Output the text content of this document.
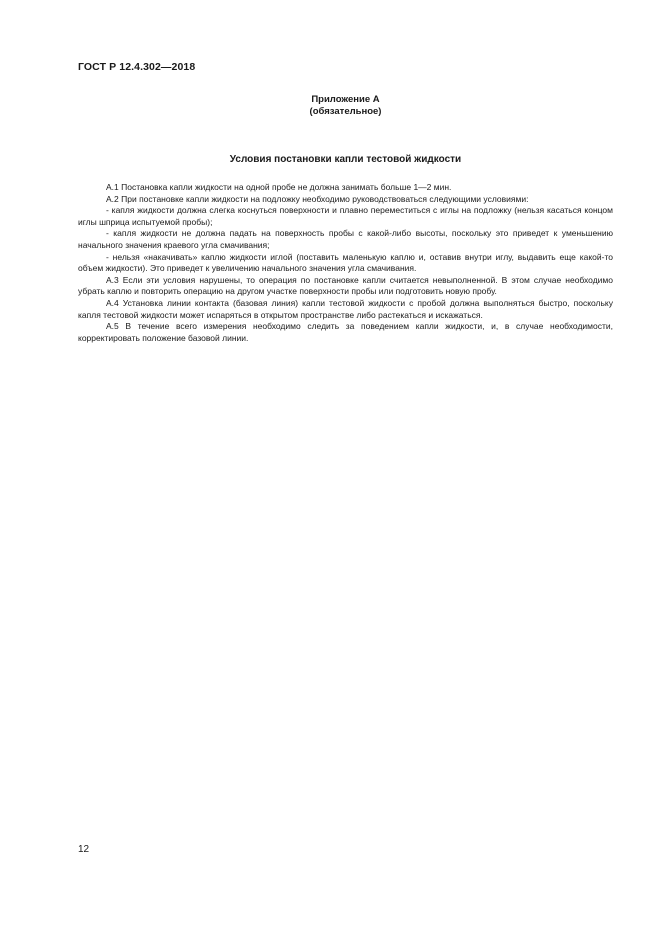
ГОСТ Р 12.4.302—2018
Приложение А
(обязательное)
Условия постановки капли тестовой жидкости

А.1 Постановка капли жидкости на одной пробе не должна занимать больше 1—2 мин.

А.2 При постановке капли жидкости на подложку необходимо руководствоваться следующими условиями:

- капля жидкости должна слегка коснуться поверхности и плавно переместиться с иглы на подложку (нельзя касаться концом иглы шприца испытуемой пробы);

- капля жидкости не должна падать на поверхность пробы с какой-либо высоты, поскольку это приведет к уменьшению начального значения краевого угла смачивания;

- нельзя «накачивать» каплю жидкости иглой (поставить маленькую каплю и, оставив внутри иглу, выдавить еще какой-то объем жидкости). Это приведет к увеличению начального значения угла смачивания.

А.3 Если эти условия нарушены, то операция по постановке капли считается невыполненной. В этом случае необходимо убрать каплю и повторить операцию на другом участке поверхности пробы или подготовить новую пробу.

А.4 Установка линии контакта (базовая линия) капли тестовой жидкости с пробой должна выполняться быстро, поскольку капля тестовой жидкости может испаряться в открытом пространстве либо растекаться и искажаться.

А.5 В течение всего измерения необходимо следить за поведением капли жидкости, и, в случае необходимости, корректировать положение базовой линии.

12
